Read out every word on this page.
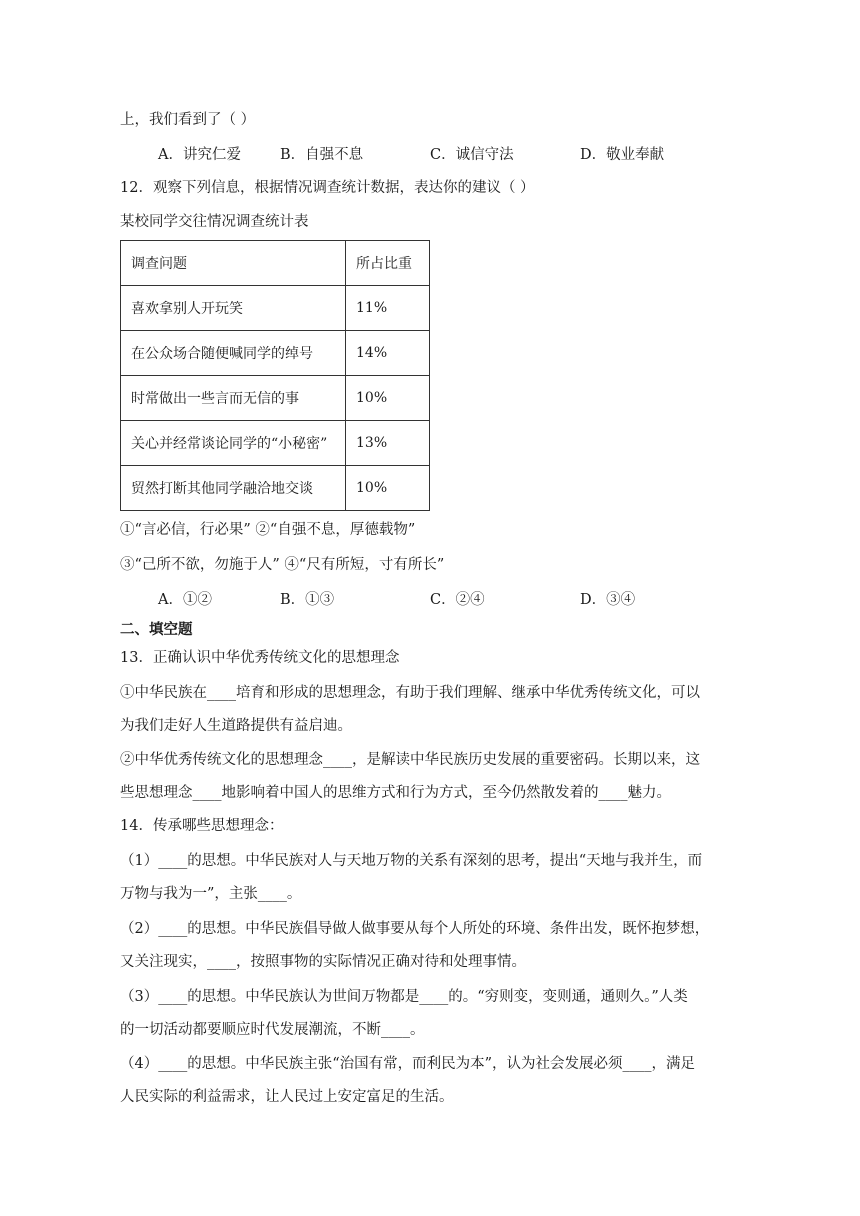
上，我们看到了（ ）
A．讲究仁爱	B．自强不息	C．诚信守法	D．敬业奉献
12．观察下列信息，根据情况调查统计数据，表达你的建议（ ）
某校同学交往情况调查统计表
调查问题	所占比重
喜欢拿别人开玩笑	11%
在公众场合随便喊同学的绰号	14%
时常做出一些言而无信的事	10%
关心并经常谈论同学的“小秘密”	13%
贸然打断其他同学融洽地交谈	10%
①“言必信，行必果” ②“自强不息，厚德载物”
③“己所不欲，勿施于人” ④“尺有所短，寸有所长”
A．①②	B．①③	C．②④	D．③④
二、填空题
13．正确认识中华优秀传统文化的思想理念
①中华民族在____培育和形成的思想理念，有助于我们理解、继承中华优秀传统文化，可以
为我们走好人生道路提供有益启迪。
②中华优秀传统文化的思想理念____，是解读中华民族历史发展的重要密码。长期以来，这
些思想理念____地影响着中国人的思维方式和行为方式，至今仍然散发着的____魅力。
14．传承哪些思想理念：
（1）____的思想。中华民族对人与天地万物的关系有深刻的思考，提出“天地与我并生，而
万物与我为一”，主张____。
（2）____的思想。中华民族倡导做人做事要从每个人所处的环境、条件出发，既怀抱梦想，
又关注现实，____，按照事物的实际情况正确对待和处理事情。
（3）____的思想。中华民族认为世间万物都是____的。“穷则变，变则通，通则久。”人类
的一切活动都要顺应时代发展潮流，不断____。
（4）____的思想。中华民族主张“治国有常，而利民为本”，认为社会发展必须____，满足
人民实际的利益需求，让人民过上安定富足的生活。
